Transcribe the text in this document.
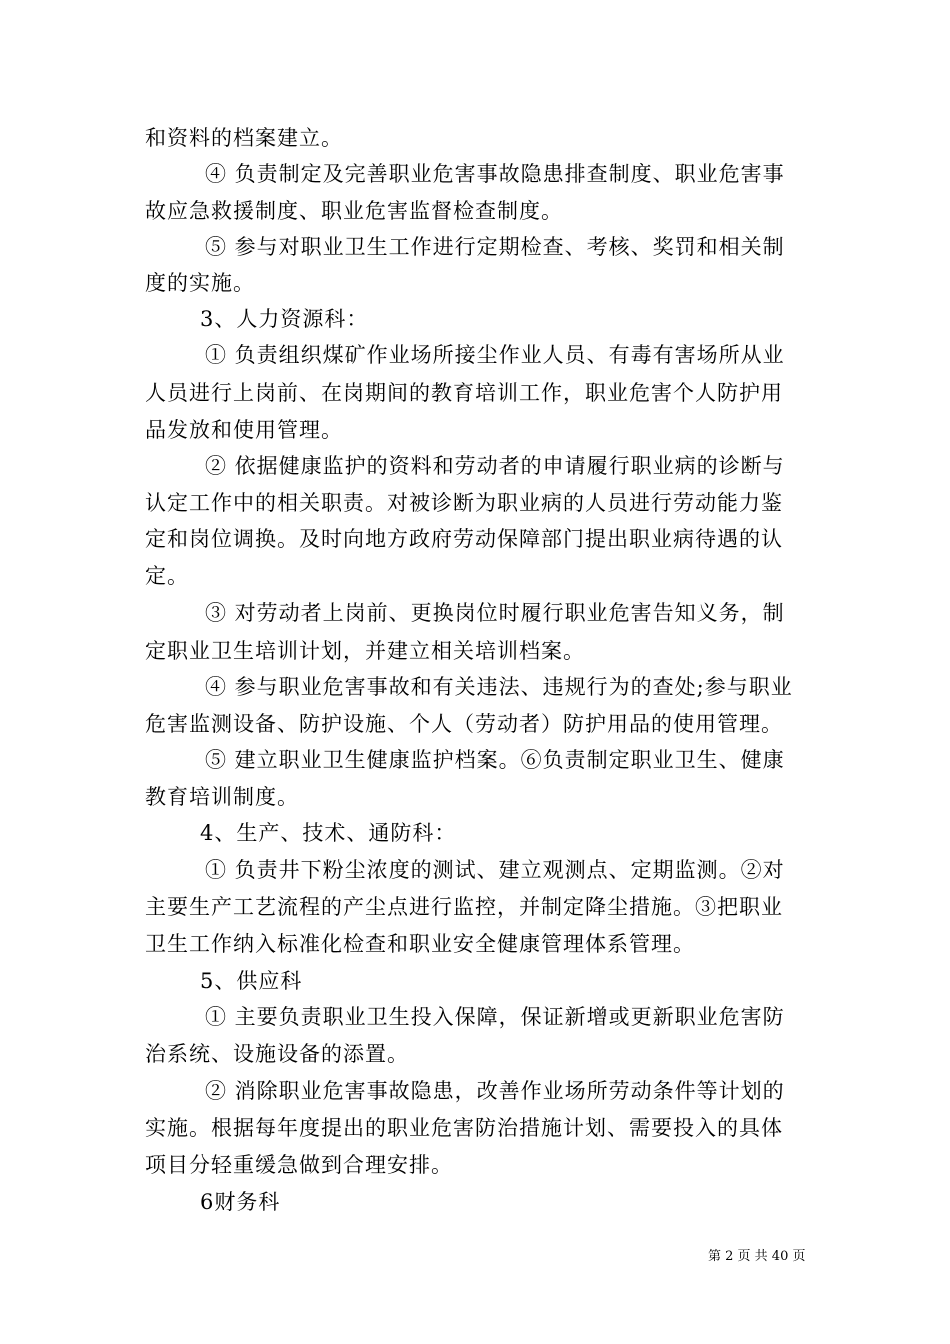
和资料的档案建立。
④ 负责制定及完善职业危害事故隐患排查制度、职业危害事
故应急救援制度、职业危害监督检查制度。
⑤ 参与对职业卫生工作进行定期检查、考核、奖罚和相关制
度的实施。
3、人力资源科：
① 负责组织煤矿作业场所接尘作业人员、有毒有害场所从业
人员进行上岗前、在岗期间的教育培训工作，职业危害个人防护用
品发放和使用管理。
② 依据健康监护的资料和劳动者的申请履行职业病的诊断与
认定工作中的相关职责。对被诊断为职业病的人员进行劳动能力鉴
定和岗位调换。及时向地方政府劳动保障部门提出职业病待遇的认
定。
③ 对劳动者上岗前、更换岗位时履行职业危害告知义务，制
定职业卫生培训计划，并建立相关培训档案。
④ 参与职业危害事故和有关违法、违规行为的查处;参与职业
危害监测设备、防护设施、个人（劳动者）防护用品的使用管理。
⑤ 建立职业卫生健康监护档案。⑥负责制定职业卫生、健康
教育培训制度。
4、生产、技术、通防科：
① 负责井下粉尘浓度的测试、建立观测点、定期监测。②对
主要生产工艺流程的产尘点进行监控，并制定降尘措施。③把职业
卫生工作纳入标准化检查和职业安全健康管理体系管理。
5、供应科
① 主要负责职业卫生投入保障，保证新增或更新职业危害防
治系统、设施设备的添置。
② 消除职业危害事故隐患，改善作业场所劳动条件等计划的
实施。根据每年度提出的职业危害防治措施计划、需要投入的具体
项目分轻重缓急做到合理安排。
6财务科
第 2 页 共 40 页
